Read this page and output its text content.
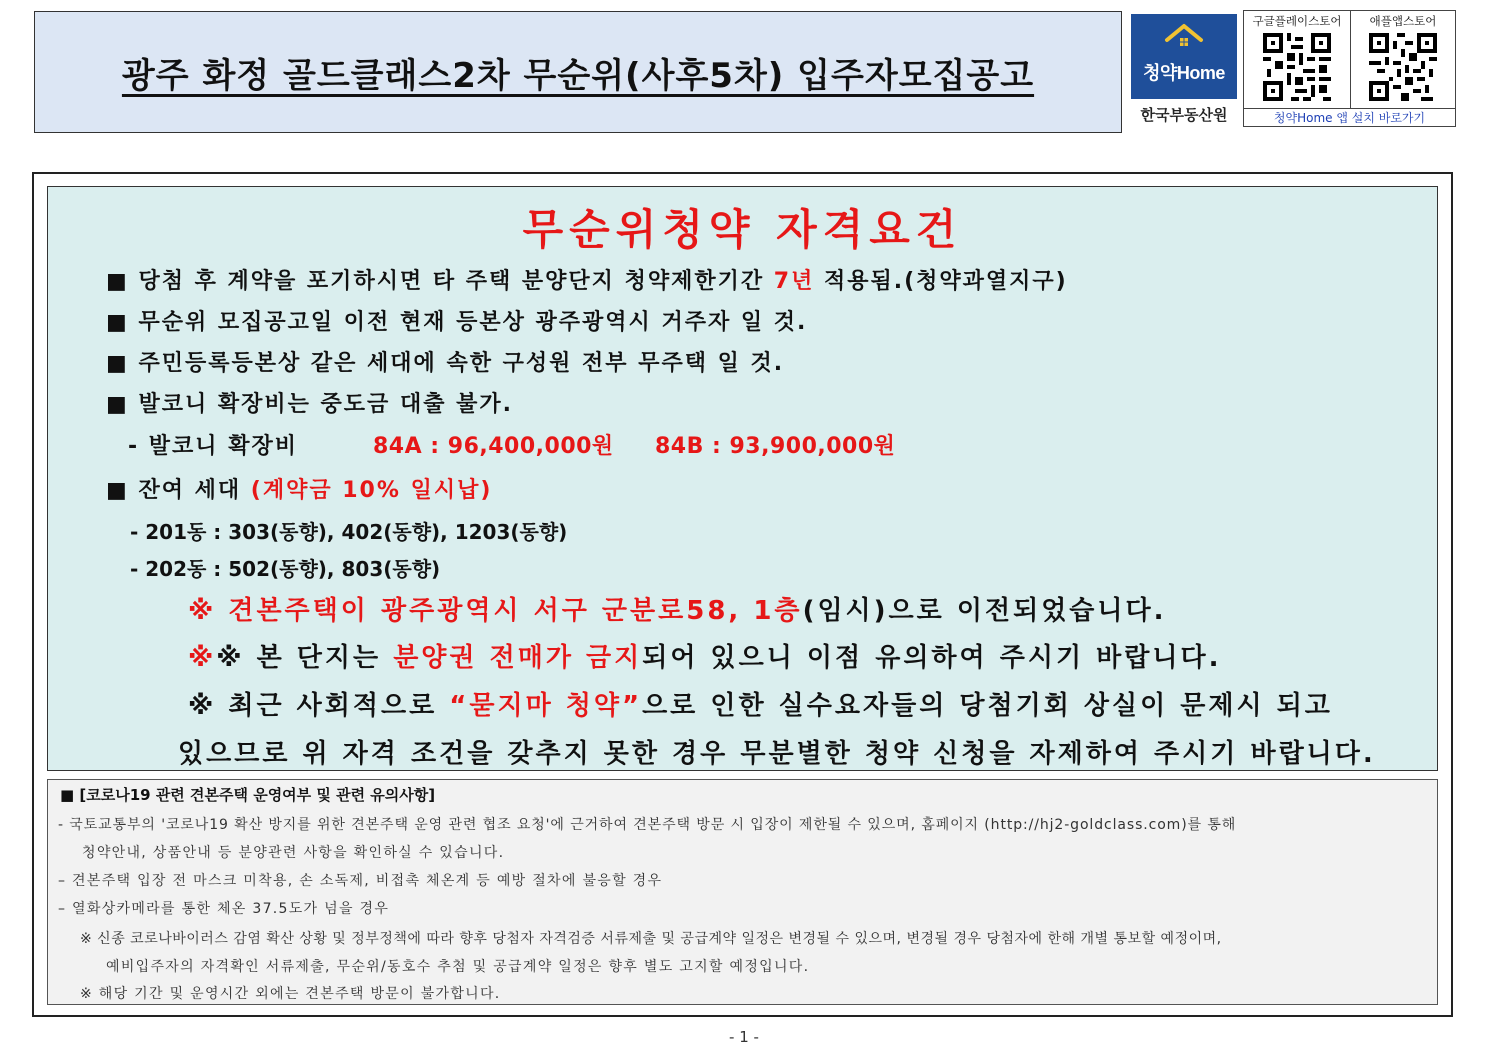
광주 화정 골드클래스2차 무순위(사후5차) 입주자모집공고	청약Home
한국부동산원
구글플레이스토어	애플앱스토어
청약Home 앱 설치 바로가기
무순위청약 자격요건
■ 당첨 후 계약을 포기하시면 타 주택 분양단지 청약제한기간 7년 적용됨.(청약과열지구)
■ 무순위 모집공고일 이전 현재 등본상 광주광역시 거주자 일 것.
■ 주민등록등본상 같은 세대에 속한 구성원 전부 무주택 일 것.
■ 발코니 확장비는 중도금 대출 불가.
- 발코니 확장비	84A : 96,400,000원 84B : 93,900,000원
■ 잔여 세대 (계약금 10% 일시납)
- 201동 : 303(동향), 402(동향), 1203(동향)
- 202동 : 502(동향), 803(동향)
※ 견본주택이 광주광역시 서구 군분로58, 1층(임시)으로 이전되었습니다.
※※ 본 단지는 분양권 전매가 금지되어 있으니 이점 유의하여 주시기 바랍니다.
※ 최근 사회적으로 “묻지마 청약”으로 인한 실수요자들의 당첨기회 상실이 문제시 되고
있으므로 위 자격 조건을 갖추지 못한 경우 무분별한 청약 신청을 자제하여 주시기 바랍니다.
■ [코로나19 관련 견본주택 운영여부 및 관련 유의사항]
- 국토교통부의 '코로나19 확산 방지를 위한 견본주택 운영 관련 협조 요청'에 근거하여 견본주택 방문 시 입장이 제한될 수 있으며, 홈페이지 (http://hj2-goldclass.com)를 통해
청약안내, 상품안내 등 분양관련 사항을 확인하실 수 있습니다.
– 견본주택 입장 전 마스크 미착용, 손 소독제, 비접촉 체온계 등 예방 절차에 불응할 경우
– 열화상카메라를 통한 체온 37.5도가 넘을 경우
※ 신종 코로나바이러스 감염 확산 상황 및 정부정책에 따라 향후 당첨자 자격검증 서류제출 및 공급계약 일정은 변경될 수 있으며, 변경될 경우 당첨자에 한해 개별 통보할 예정이며,
예비입주자의 자격확인 서류제출, 무순위/동호수 추첨 및 공급계약 일정은 향후 별도 고지할 예정입니다.
※ 해당 기간 및 운영시간 외에는 견본주택 방문이 불가합니다.
- 1 -
